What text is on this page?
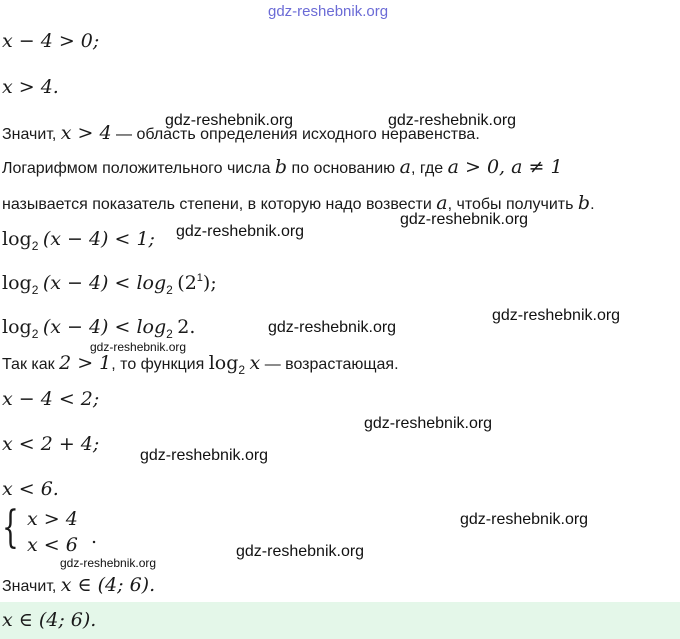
gdz-reshebnik.org
gdz-reshebnik.org	gdz-reshebnik.org
gdz-reshebnik.org
gdz-reshebnik.org
gdz-reshebnik.org
gdz-reshebnik.org
gdz-reshebnik.org
gdz-reshebnik.org
gdz-reshebnik.org
gdz-reshebnik.org
gdz-reshebnik.org
gdz-reshebnik.org
x − 4 > 0;
x > 4.
Значит, x > 4 — область определения исходного неравенства.
Логарифмом положительного числа b по основанию a, где a > 0, a ≠ 1
называется показатель степени, в которую надо возвести a, чтобы получить b.
$\log_2 (x - 4) < 1$;
$\log_2 (x - 4) < \log_2 (2^1)$;
$\log_2 (x - 4) < \log_2 2$.
Так как 2 > 1, то функция $\log_2 x$ — возрастающая.
x − 4 < 2;
x < 2 + 4;
x < 6.
{ x > 4
x < 6 .
Значит, x ∈ (4; 6).
x ∈ (4; 6).
